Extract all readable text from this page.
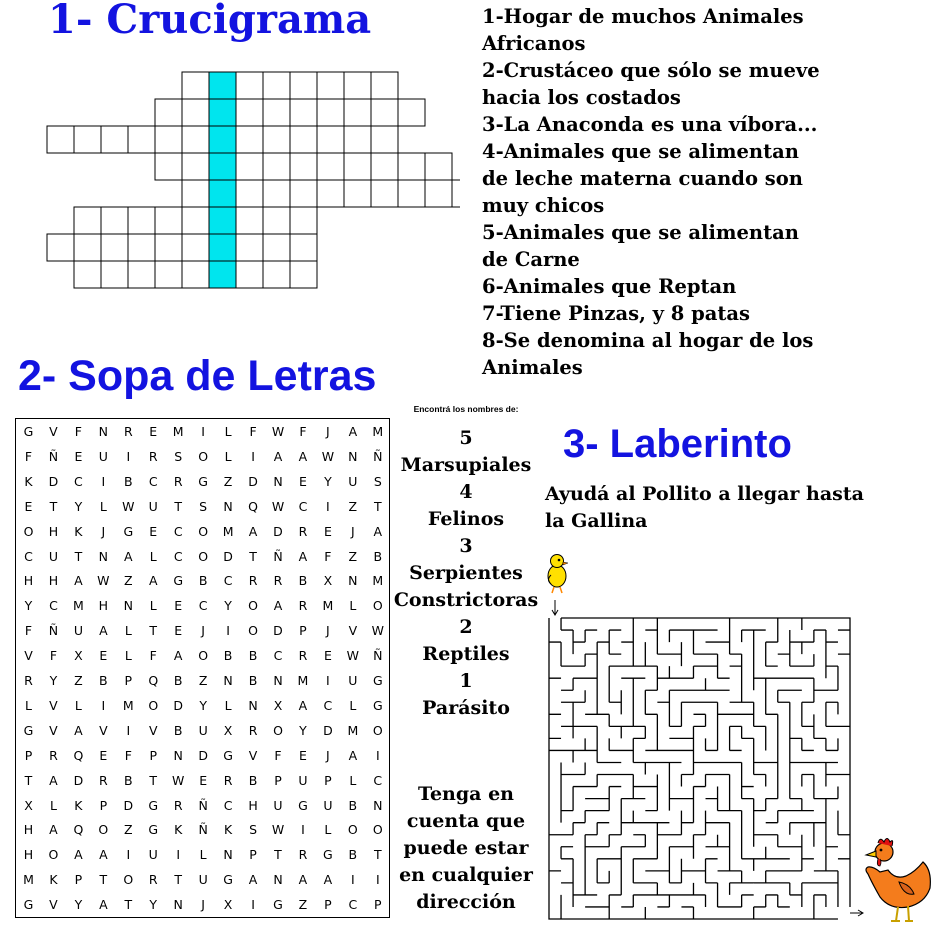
1- Crucigrama
2- Sopa de Letras
3- Laberinto
1-Hogar de muchos Animales
Africanos
2-Crustáceo que sólo se mueve
hacia los costados
3-La Anaconda es una víbora...
4-Animales que se alimentan
de leche materna cuando son
muy chicos
5-Animales que se alimentan
de Carne
6-Animales que Reptan
7-Tiene Pinzas, y 8 patas
8-Se denomina al hogar de los
Animales
G	V	F	N	R	E	M	I	L	F	W	F	J	A	M
F	Ñ	E	U	I	R	S	O	L	I	A	A	W	N	Ñ
K	D	C	I	B	C	R	G	Z	D	N	E	Y	U	S
E	T	Y	L	W	U	T	S	N	Q	W	C	I	Z	T
O	H	K	J	G	E	C	O	M	A	D	R	E	J	A
C	U	T	N	A	L	C	O	D	T	Ñ	A	F	Z	B
H	H	A	W	Z	A	G	B	C	R	R	B	X	N	M
Y	C	M	H	N	L	E	C	Y	O	A	R	M	L	O
F	Ñ	U	A	L	T	E	J	I	O	D	P	J	V	W
V	F	X	E	L	F	A	O	B	B	C	R	E	W	Ñ
R	Y	Z	B	P	Q	B	Z	N	B	N	M	I	U	G
L	V	L	I	M	O	D	Y	L	N	X	A	C	L	G
G	V	A	V	I	V	B	U	X	R	O	Y	D	M	O
P	R	Q	E	F	P	N	D	G	V	F	E	J	A	I
T	A	D	R	B	T	W	E	R	B	P	U	P	L	C
X	L	K	P	D	G	R	Ñ	C	H	U	G	U	B	N
H	A	Q	O	Z	G	K	Ñ	K	S	W	I	L	O	O
H	O	A	A	I	U	I	L	N	P	T	R	G	B	T
M	K	P	T	O	R	T	U	G	A	N	A	A	I	I
G	V	Y	A	T	Y	N	J	X	I	G	Z	P	C	P
Encontrá los nombres de:
5
Marsupiales
4
Felinos
3
Serpientes
Constrictoras
2
Reptiles
1
Parásito
Tenga en
cuenta que
puede estar
en cualquier
dirección
Ayudá al Pollito a llegar hasta
la Gallina
